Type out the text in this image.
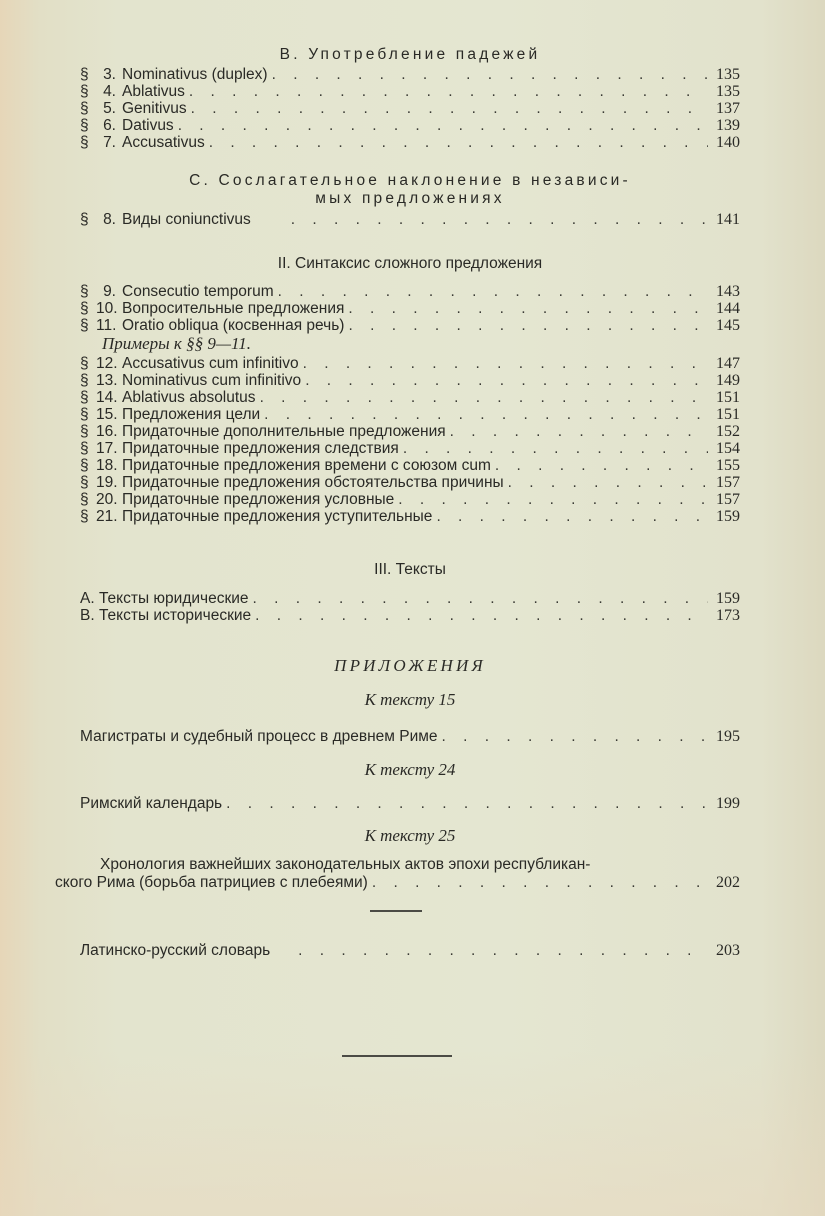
В. Употребление падежей
§ 3. Nominativus (duplex) . . .	135
§ 4. Ablativus . . .	135
§ 5. Genitivus . . .	137
§ 6. Dativus . . .	139
§ 7. Accusativus . . .	140
С. Сослагательное наклонение в независи-
мых предложениях
§ 8. Виды coniunctivus . . .	141
II. Синтаксис сложного предложения
§ 9. Consecutio temporum . . .	143
§ 10. Вопросительные предложения . . .	144
§ 11. Oratio obliqua (косвенная речь) . . .	145
Примеры к §§ 9—11.
§ 12. Accusativus cum infinitivo . . .	147
§ 13. Nominativus cum infinitivo . . .	149
§ 14. Ablativus absolutus . . .	151
§ 15. Предложения цели . . .	151
§ 16. Придаточные дополнительные предложения . . .	152
§ 17. Придаточные предложения следствия . . .	154
§ 18. Придаточные предложения времени с союзом cum . . .	155
§ 19. Придаточные предложения обстоятельства причины . . .	157
§ 20. Придаточные предложения условные . . .	157
§ 21. Придаточные предложения уступительные . . .	159
III. Тексты
A. Тексты юридические . . .	159
B. Тексты исторические . . .	173
ПРИЛОЖЕНИЯ
К тексту 15
Магистраты и судебный процесс в древнем Риме . . .	195
К тексту 24
Римский календарь . . .	199
К тексту 25
Хронология важнейших законодательных актов эпохи республикан-
ского Рима (борьба патрициев с плебеями) . . .	202
Латинско-русский словарь . . .	203
